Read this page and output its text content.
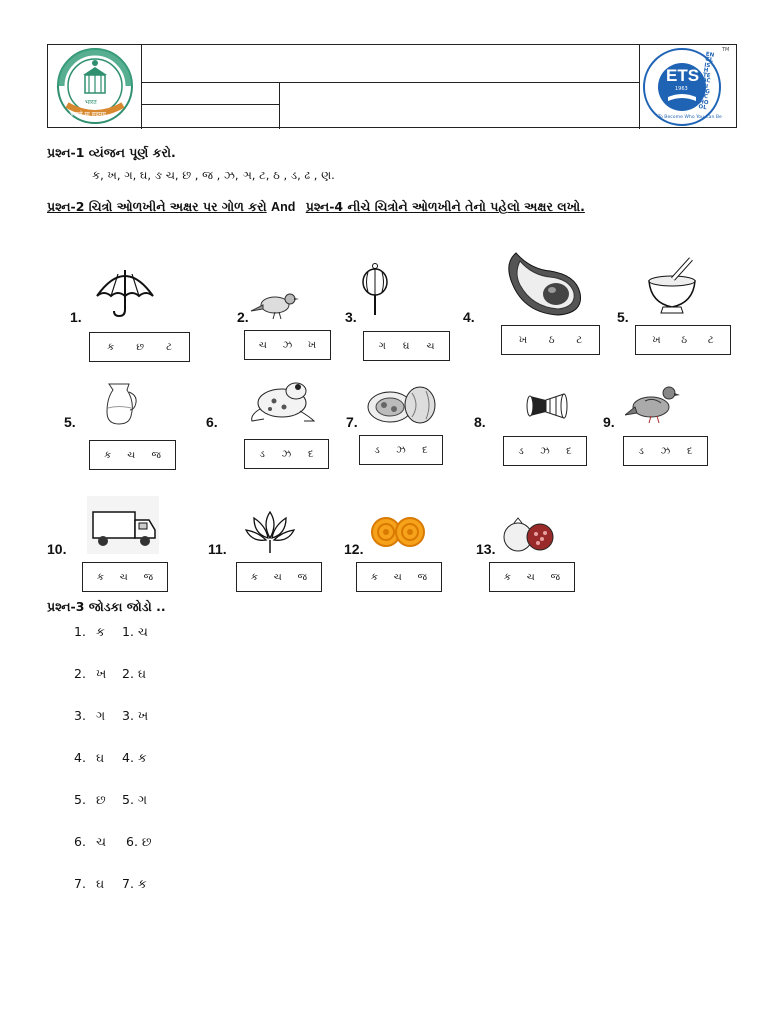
असतो मा सद्गमय
भारत
ETS
1963
ENGLISH TEACHING SCHOOL
To Become Who You Can Be
TM
પ્રશ્ન-1 વ્યંજન પૂર્ણ કરો.
ક, ખ, ગ, ઘ, ઙ ચ, છ , જ , ઝ, ઞ, ટ, ઠ , ડ, ઢ , ણ.
પ્રશ્ન-2 ચિત્રો ઓળખીને અક્ષર પર ગોળ કરો And પ્રશ્ન-4 નીચે ચિત્રોને ઓળખીને તેનો પહેલો અક્ષર લખો.
1.	2.	3.	4.	5.
ક છ ટ	ચ ઝ ખ	ગ ઘ ચ
ખ ઠ ટ	ખ ઠ ટ
5.	6.	7.	8.	9.
ક ચ જ	ડ ઝ દ	ડ ઝ દ	ડ ઝ દ	ડ ઝ દ
10.	11.	12.	13.
ક ચ જ	ક ચ જ	ક ચ જ	ક ચ જ
પ્રશ્ન-3 જોડકા જોડો ..
1. ક 1. ચ
2. ખ 2. ઘ
3. ગ 3. ખ
4. ઘ 4. ક
5. છ 5. ગ
6. ચ 6. છ
7. ઘ 7. ક
